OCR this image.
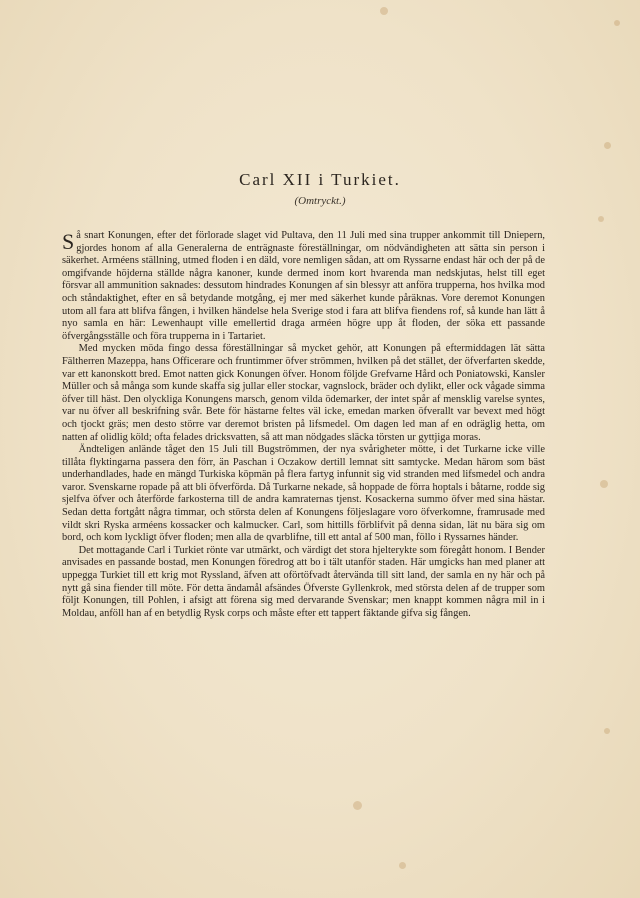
Carl XII i Turkiet.
(Omtryckt.)

Så snart Konungen, efter det förlorade slaget vid Pultava, den 11 Juli med sina trupper ankommit till Dniepern, gjordes honom af alla Generalerna de enträgnaste föreställningar, om nödvändigheten att sätta sin person i säkerhet. Arméens ställning, utmed floden i en däld, vore nemligen sådan, att om Ryssarne endast här och der på de omgifvande höjderna ställde några kanoner, kunde dermed inom kort hvarenda man nedskjutas, helst till eget försvar all ammunition saknades: dessutom hindrades Konungen af sin blessyr att anföra trupperna, hos hvilka mod och ståndaktighet, efter en så betydande motgång, ej mer med säkerhet kunde påräknas. Vore deremot Konungen utom all fara att blifva fången, i hvilken händelse hela Sverige stod i fara att blifva fiendens rof, så kunde han lätt å nyo samla en här: Lewenhaupt ville emellertid draga arméen högre upp åt floden, der söka ett passande öfvergångsställe och föra trupperna in i Tartariet.

Med mycken möda fingo dessa föreställningar så mycket gehör, att Konungen på eftermiddagen lät sätta Fältherren Mazeppa, hans Officerare och fruntimmer öfver strömmen, hvilken på det stället, der öfverfarten skedde, var ett kanonskott bred. Emot natten gick Konungen öfver. Honom följde Grefvarne Hård och Poniatowski, Kansler Müller och så många som kunde skaffa sig jullar eller stockar, vagnslock, bräder och dylikt, eller ock vågade simma öfver till häst. Den olyckliga Konungens marsch, genom vilda ödemarker, der intet spår af mensklig varelse syntes, var nu öfver all beskrifning svår. Bete för hästarne feltes väl icke, emedan marken öfverallt var bevext med högt och tjockt gräs; men desto större var deremot bristen på lifsmedel. Om dagen led man af en odräglig hetta, om natten af olidlig köld; ofta felades dricksvatten, så att man nödgades släcka törsten ur gyttjiga moras.

Ändteligen anlände tåget den 15 Juli till Bugströmmen, der nya svårigheter mötte, i det Turkarne icke ville tillåta flyktingarna passera den förr, än Paschan i Oczakow dertill lemnat sitt samtycke. Medan härom som bäst underhandlades, hade en mängd Turkiska köpmän på flera fartyg infunnit sig vid stranden med lifsmedel och andra varor. Svenskarne ropade på att bli öfverförda. Då Turkarne nekade, så hoppade de förra hoptals i båtarne, rodde sig sjelfva öfver och återförde farkosterna till de andra kamraternas tjenst. Kosackerna summo öfver med sina hästar. Sedan detta fortgått några timmar, och största delen af Konungens följeslagare voro öfverkomne, framrusade med vildt skri Ryska arméens kossacker och kalmucker. Carl, som hittills förblifvit på denna sidan, lät nu bära sig om bord, och kom lyckligt öfver floden; men alla de qvarblifne, till ett antal af 500 man, föllo i Ryssarnes händer.

Det mottagande Carl i Turkiet rönte var utmärkt, och värdigt det stora hjelterykte som föregått honom. I Bender anvisades en passande bostad, men Konungen föredrog att bo i tält utanför staden. Här umgicks han med planer att uppegga Turkiet till ett krig mot Ryssland, äfven att oförtöfvadt återvända till sitt land, der samla en ny här och på nytt gå sina fiender till möte. För detta ändamål afsändes Öfverste Gyllenkrok, med största delen af de trupper som följt Konungen, till Pohlen, i afsigt att förena sig med dervarande Svenskar; men knappt kommen några mil in i Moldau, anföll han af en betydlig Rysk corps och måste efter ett tappert fäktande gifva sig fången.
